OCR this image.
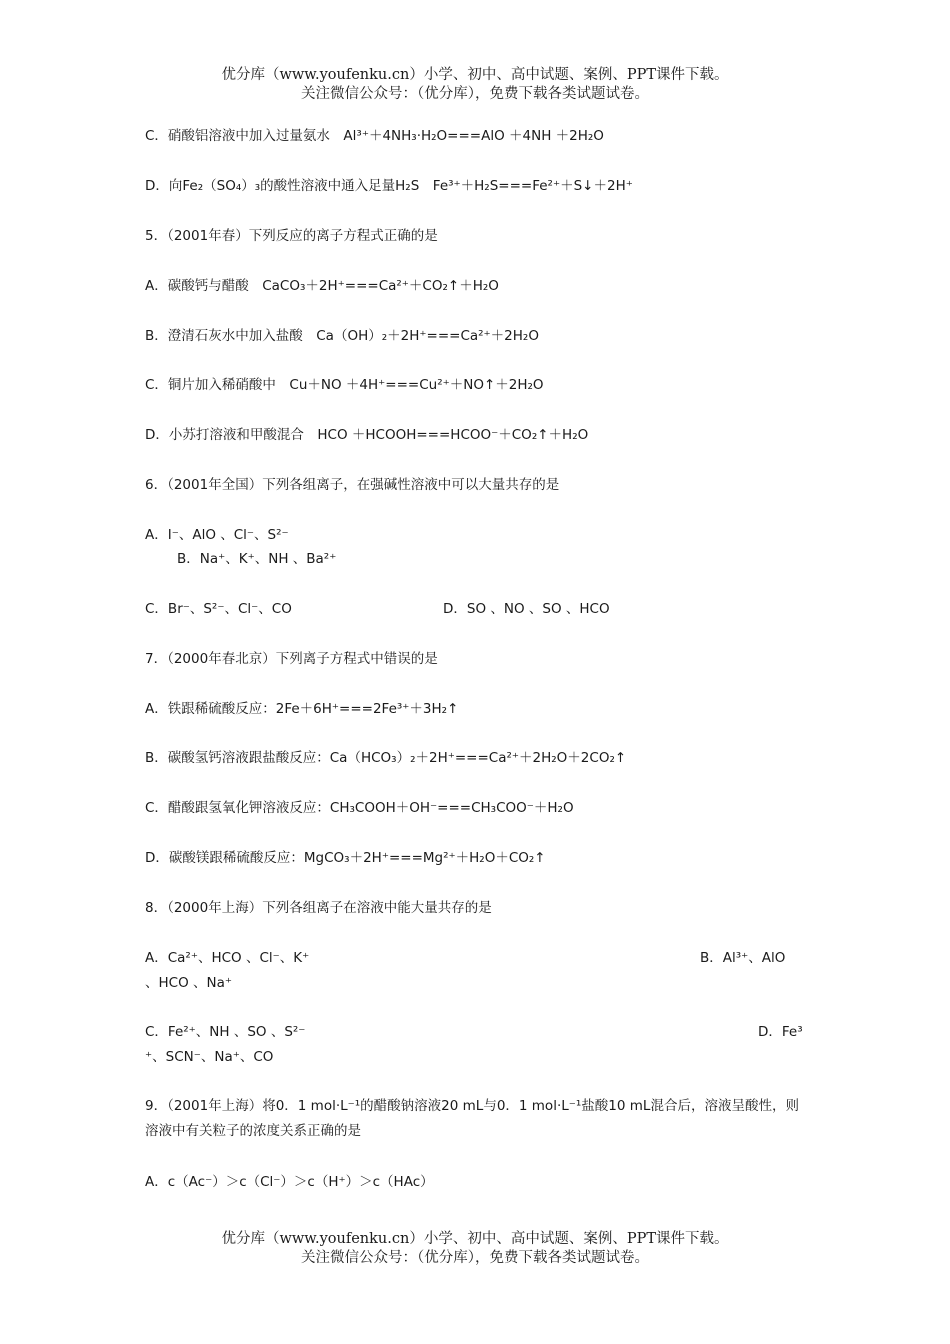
优分库（www.youfenku.cn）小学、初中、高中试题、案例、PPT课件下载。
关注微信公众号：（优分库），免费下载各类试题试卷。
C．硝酸铝溶液中加入过量氨水　Al³⁺＋4NH₃·H₂O===AlO ＋4NH ＋2H₂O
D．向Fe₂（SO₄）₃的酸性溶液中通入足量H₂S　Fe³⁺＋H₂S===Fe²⁺＋S↓＋2H⁺
5．（2001年春）下列反应的离子方程式正确的是
A．碳酸钙与醋酸　CaCO₃＋2H⁺===Ca²⁺＋CO₂↑＋H₂O
B．澄清石灰水中加入盐酸　Ca（OH）₂＋2H⁺===Ca²⁺＋2H₂O
C．铜片加入稀硝酸中　Cu＋NO ＋4H⁺===Cu²⁺＋NO↑＋2H₂O
D．小苏打溶液和甲酸混合　HCO ＋HCOOH===HCOO⁻＋CO₂↑＋H₂O
6．（2001年全国）下列各组离子，在强碱性溶液中可以大量共存的是
A．I⁻、AlO 、Cl⁻、S²⁻
B．Na⁺、K⁺、NH 、Ba²⁺
C．Br⁻、S²⁻、Cl⁻、CO	D．SO 、NO 、SO 、HCO
7．（2000年春北京）下列离子方程式中错误的是
A．铁跟稀硫酸反应：2Fe＋6H⁺===2Fe³⁺＋3H₂↑
B．碳酸氢钙溶液跟盐酸反应：Ca（HCO₃）₂＋2H⁺===Ca²⁺＋2H₂O＋2CO₂↑
C．醋酸跟氢氧化钾溶液反应：CH₃COOH＋OH⁻===CH₃COO⁻＋H₂O
D．碳酸镁跟稀硫酸反应：MgCO₃＋2H⁺===Mg²⁺＋H₂O＋CO₂↑
8．（2000年上海）下列各组离子在溶液中能大量共存的是
A．Ca²⁺、HCO 、Cl⁻、K⁺	B．Al³⁺、AlO
、HCO 、Na⁺
C．Fe²⁺、NH 、SO 、S²⁻	D．Fe³
⁺、SCN⁻、Na⁺、CO
9．（2001年上海）将0．1 mol·L⁻¹的醋酸钠溶液20 mL与0．1 mol·L⁻¹盐酸10 mL混合后，溶液呈酸性，则溶液中有关粒子的浓度关系正确的是
A．c（Ac⁻）＞c（Cl⁻）＞c（H⁺）＞c（HAc）
优分库（www.youfenku.cn）小学、初中、高中试题、案例、PPT课件下载。
关注微信公众号：（优分库），免费下载各类试题试卷。
